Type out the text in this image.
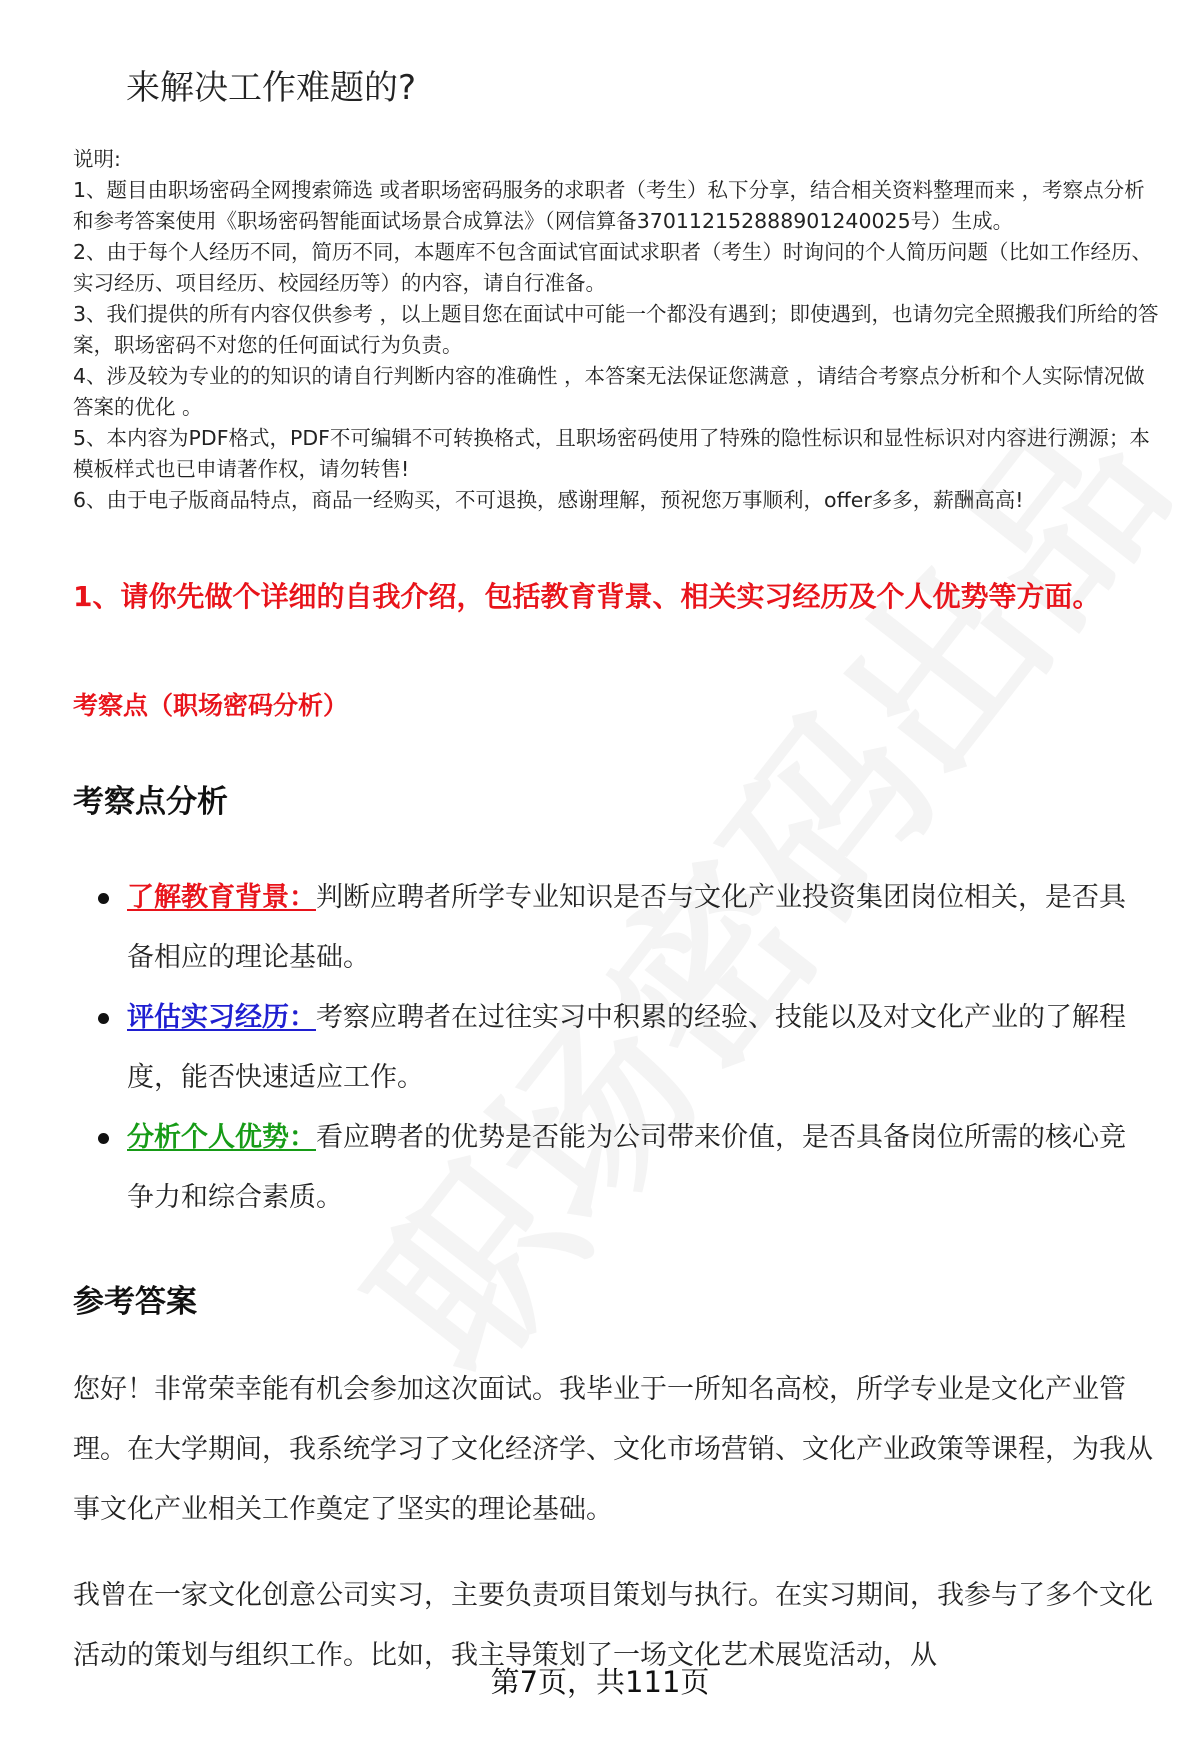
来解决工作难题的?

说明:

1、题目由职场密码全网搜索筛选 或者职场密码服务的求职者（考生）私下分享，结合相关资料整理而来 ，考察点分析和参考答案使用《职场密码智能面试场景合成算法》（网信算备370112152888901240025号）生成。

2、由于每个人经历不同，简历不同，本题库不包含面试官面试求职者（考生）时询问的个人简历问题（比如工作经历、实习经历、项目经历、校园经历等）的内容，请自行准备。

3、我们提供的所有内容仅供参考 ，以上题目您在面试中可能一个都没有遇到；即使遇到，也请勿完全照搬我们所给的答案，职场密码不对您的任何面试行为负责。

4、涉及较为专业的的知识的请自行判断内容的准确性 ，本答案无法保证您满意 ，请结合考察点分析和个人实际情况做答案的优化 。

5、本内容为PDF格式，PDF不可编辑不可转换格式，且职场密码使用了特殊的隐性标识和显性标识对内容进行溯源；本模板样式也已申请著作权，请勿转售!

6、由于电子版商品特点，商品一经购买，不可退换，感谢理解，预祝您万事顺利，offer多多，薪酬高高!

1、请你先做个详细的自我介绍，包括教育背景、相关实习经历及个人优势等方面。
考察点（职场密码分析）
考察点分析
了解教育背景：判断应聘者所学专业知识是否与文化产业投资集团岗位相关，是否具备相应的理论基础。
评估实习经历：考察应聘者在过往实习中积累的经验、技能以及对文化产业的了解程度，能否快速适应工作。
分析个人优势：看应聘者的优势是否能为公司带来价值，是否具备岗位所需的核心竞争力和综合素质。
参考答案
您好！非常荣幸能有机会参加这次面试。我毕业于一所知名高校，所学专业是文化产业管理。在大学期间，我系统学习了文化经济学、文化市场营销、文化产业政策等课程，为我从事文化产业相关工作奠定了坚实的理论基础。
我曾在一家文化创意公司实习，主要负责项目策划与执行。在实习期间，我参与了多个文化活动的策划与组织工作。比如，我主导策划了一场文化艺术展览活动，从
第7页，共111页
